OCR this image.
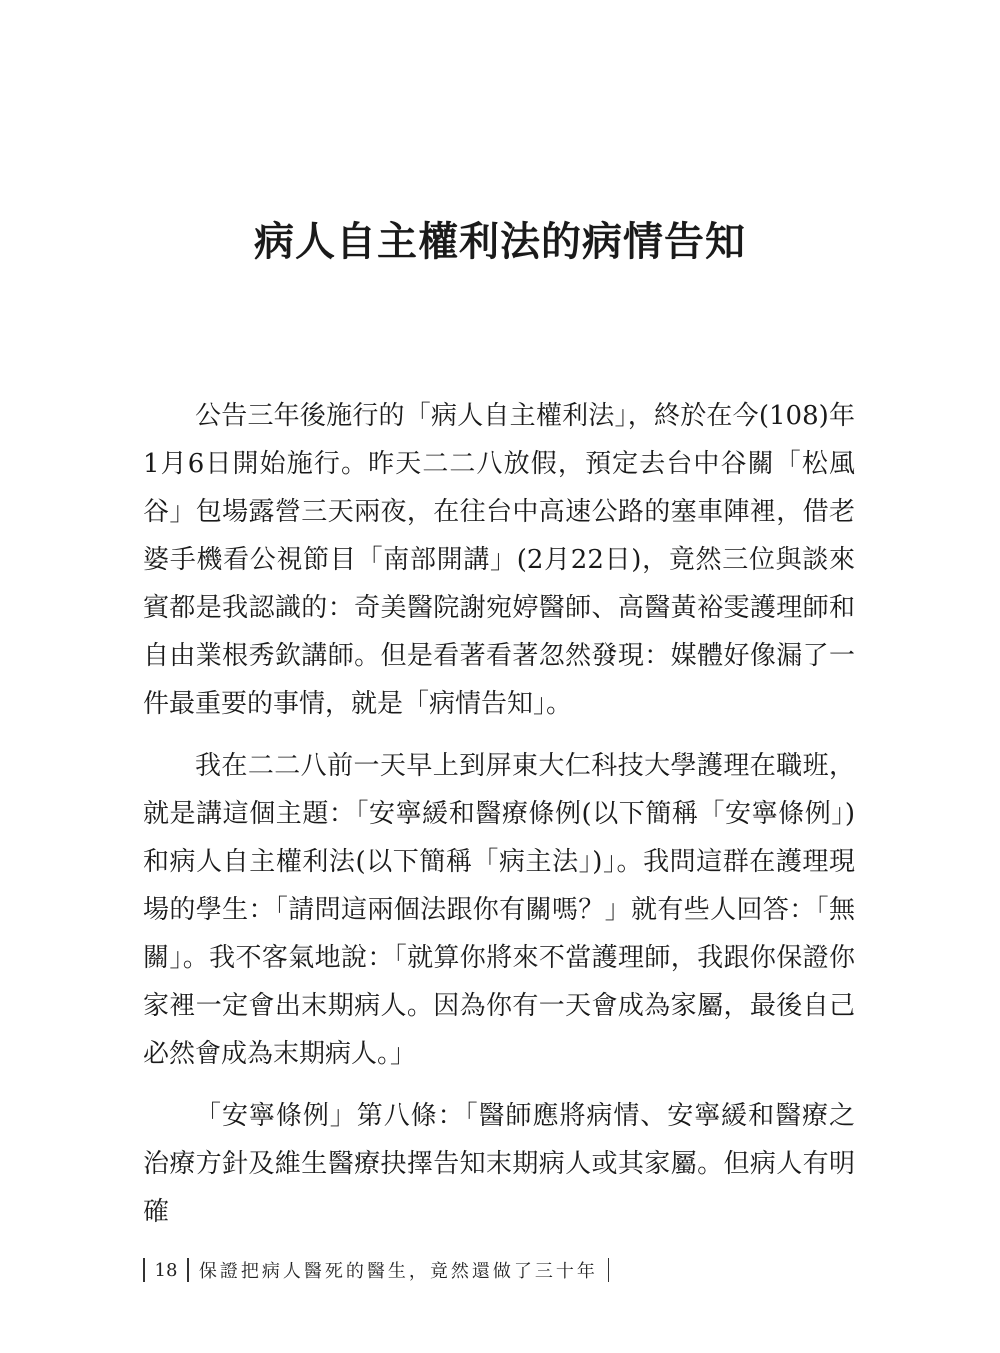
病人自主權利法的病情告知

公告三年後施行的「病人自主權利法」，終於在今(108)年1月6日開始施行。昨天二二八放假，預定去台中谷關「松風谷」包場露營三天兩夜，在往台中高速公路的塞車陣裡，借老婆手機看公視節目「南部開講」(2月22日)，竟然三位與談來賓都是我認識的：奇美醫院謝宛婷醫師、高醫黃裕雯護理師和自由業根秀欽講師。但是看著看著忽然發現：媒體好像漏了一件最重要的事情，就是「病情告知」。

我在二二八前一天早上到屏東大仁科技大學護理在職班，就是講這個主題：「安寧緩和醫療條例(以下簡稱「安寧條例」)和病人自主權利法(以下簡稱「病主法」)」。我問這群在護理現場的學生：「請問這兩個法跟你有關嗎？」就有些人回答：「無關」。我不客氣地說：「就算你將來不當護理師，我跟你保證你家裡一定會出末期病人。因為你有一天會成為家屬，最後自己必然會成為末期病人。」

「安寧條例」第八條：「醫師應將病情、安寧緩和醫療之治療方針及維生醫療抉擇告知末期病人或其家屬。但病人有明確

18	保證把病人醫死的醫生，竟然還做了三十年
